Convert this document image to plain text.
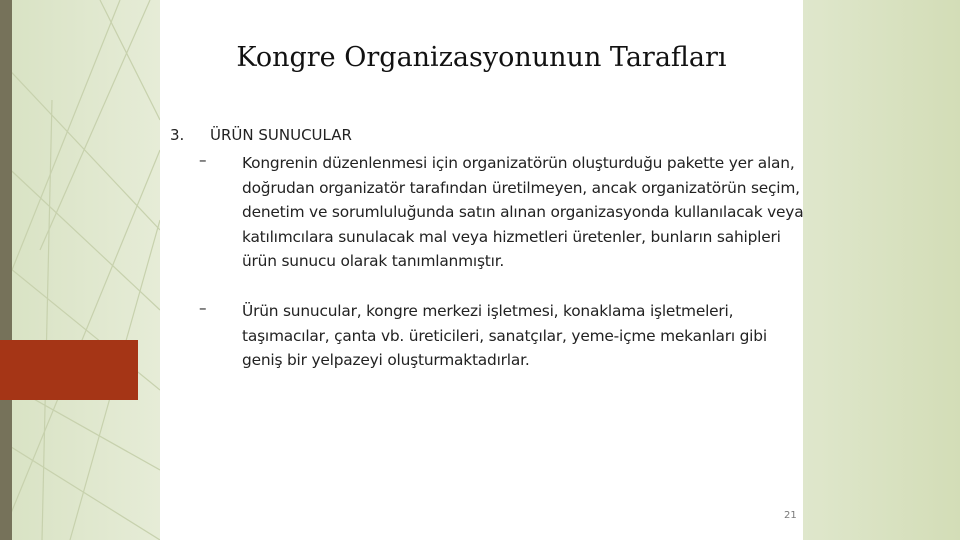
Kongre Organizasyonunun Tarafları
3. ÜRÜN SUNUCULAR
– Kongrenin düzenlenmesi için organizatörün oluşturduğu pakette yer alan, doğrudan organizatör tarafından üretilmeyen, ancak organizatörün seçim, denetim ve sorumluluğunda satın alınan organizasyonda kullanılacak veya katılımcılara sunulacak mal veya hizmetleri üretenler, bunların sahipleri ürün sunucu olarak tanımlanmıştır.
– Ürün sunucular, kongre merkezi işletmesi, konaklama işletmeleri, taşımacılar, çanta vb. üreticileri, sanatçılar, yeme-içme mekanları gibi geniş bir yelpazeyi oluşturmaktadırlar.
21
